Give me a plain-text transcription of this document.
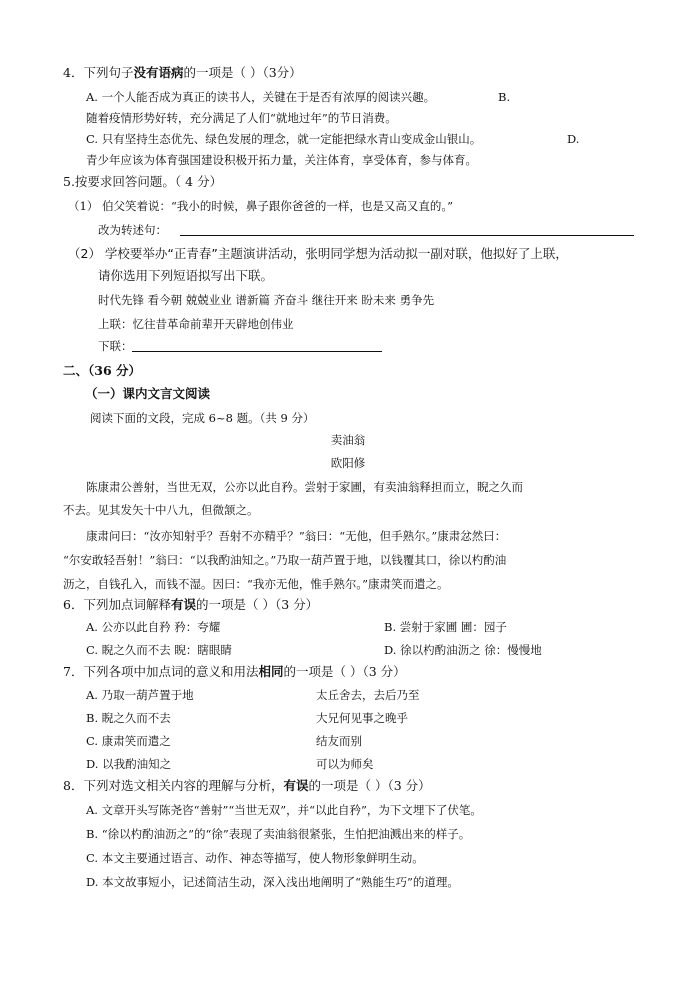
4．下列句子没有语病的一项是（ ）（3分）
A. 一个人能否成为真正的读书人，关键在于是否有浓厚的阅读兴趣。	B.
随着疫情形势好转，充分满足了人们“就地过年”的节日消费。
C. 只有坚持生态优先、绿色发展的理念，就一定能把绿水青山变成金山银山。	D.
青少年应该为体育强国建设积极开拓力量，关注体育，享受体育，参与体育。
5.按要求回答问题。（ 4 分）
（1） 伯父笑着说：“我小的时候，鼻子跟你爸爸的一样，也是又高又直的。”
改为转述句：
（2） 学校要举办“正青春”主题演讲活动，张明同学想为活动拟一副对联，他拟好了上联，
请你选用下列短语拟写出下联。
时代先锋 看今朝 兢兢业业 谱新篇 齐奋斗 继往开来 盼未来 勇争先
上联：忆往昔革命前辈开天辟地创伟业
下联：
二、（36 分）
（一）课内文言文阅读
阅读下面的文段，完成 6~8 题。（共 9 分）
卖油翁
欧阳修
陈康肃公善射，当世无双，公亦以此自矜。尝射于家圃，有卖油翁释担而立，睨之久而
不去。见其发矢十中八九，但微颔之。
康肃问曰：“汝亦知射乎？吾射不亦精乎？”翁曰：“无他，但手熟尔。”康肃忿然曰：
“尔安敢轻吾射！”翁曰：“以我酌油知之。”乃取一葫芦置于地，以钱覆其口，徐以杓酌油
沥之，自钱孔入，而钱不湿。因曰：“我亦无他，惟手熟尔。”康肃笑而遣之。
6．下列加点词解释有误的一项是（ ）（3 分）
A. 公亦以此自矜 矜：夸耀	B. 尝射于家圃 圃：园子
C. 睨之久而不去 睨：瞎眼睛	D. 徐以杓酌油沥之 徐：慢慢地
7．下列各项中加点词的意义和用法相同的一项是（ ）（3 分）
A. 乃取一葫芦置于地	太丘舍去，去后乃至
B. 睨之久而不去	大兄何见事之晚乎
C. 康肃笑而遣之	结友而别
D. 以我酌油知之	可以为师矣
8．下列对选文相关内容的理解与分析，有误的一项是（ ）（3 分）
A. 文章开头写陈尧咨“善射”“当世无双”，并“以此自矜”，为下文埋下了伏笔。
B. “徐以杓酌油沥之”的“徐”表现了卖油翁很紧张，生怕把油溅出来的样子。
C. 本文主要通过语言、动作、神态等描写，使人物形象鲜明生动。
D. 本文故事短小，记述简洁生动，深入浅出地阐明了“熟能生巧”的道理。
